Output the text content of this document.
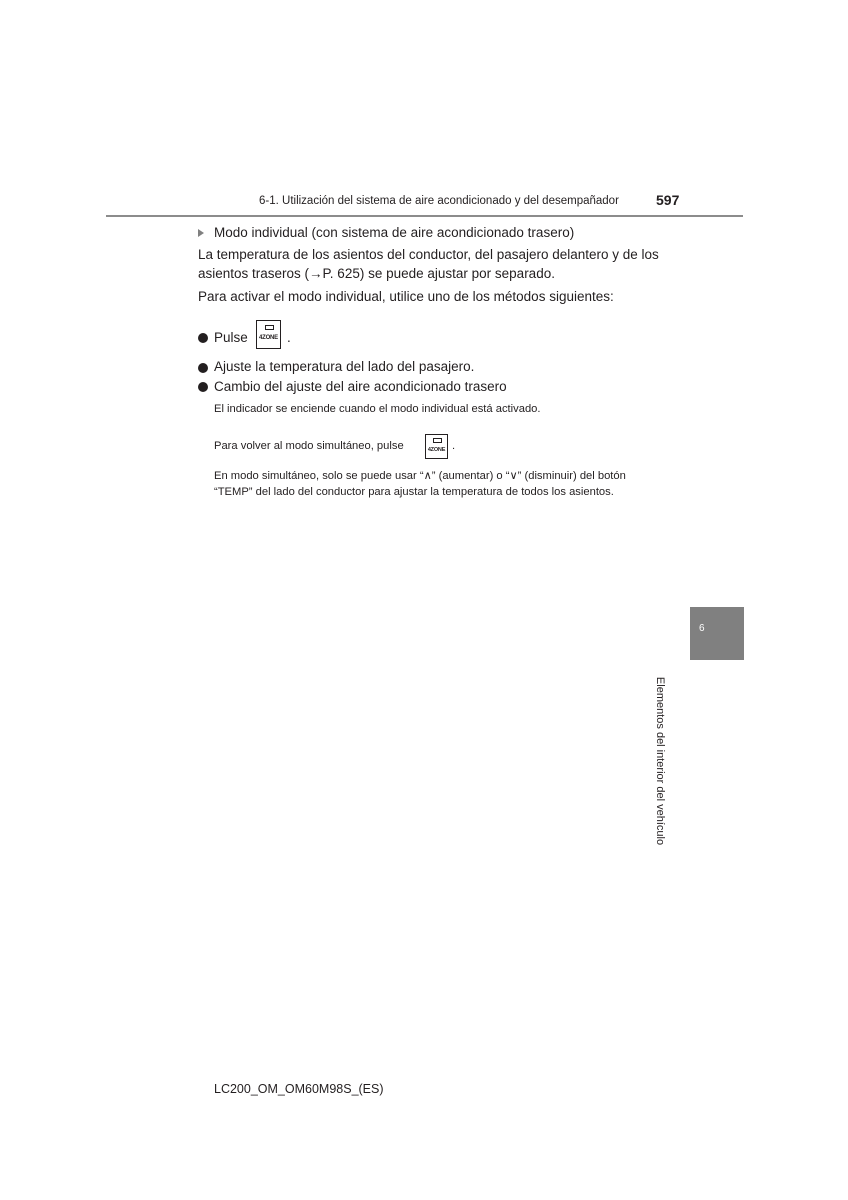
6-1. Utilización del sistema de aire acondicionado y del desempañador	597
Modo individual (con sistema de aire acondicionado trasero)
La temperatura de los asientos del conductor, del pasajero delantero y de los
asientos traseros (→P. 625) se puede ajustar por separado.
Para activar el modo individual, utilice uno de los métodos siguientes:
Pulse	4ZONE .
Ajuste la temperatura del lado del pasajero.
Cambio del ajuste del aire acondicionado trasero
El indicador se enciende cuando el modo individual está activado.
Para volver al modo simultáneo, pulse	4ZONE .
En modo simultáneo, solo se puede usar “∧” (aumentar) o “∨” (disminuir) del botón
“TEMP” del lado del conductor para ajustar la temperatura de todos los asientos.
6
Elementos del interior del vehículo
LC200_OM_OM60M98S_(ES)
